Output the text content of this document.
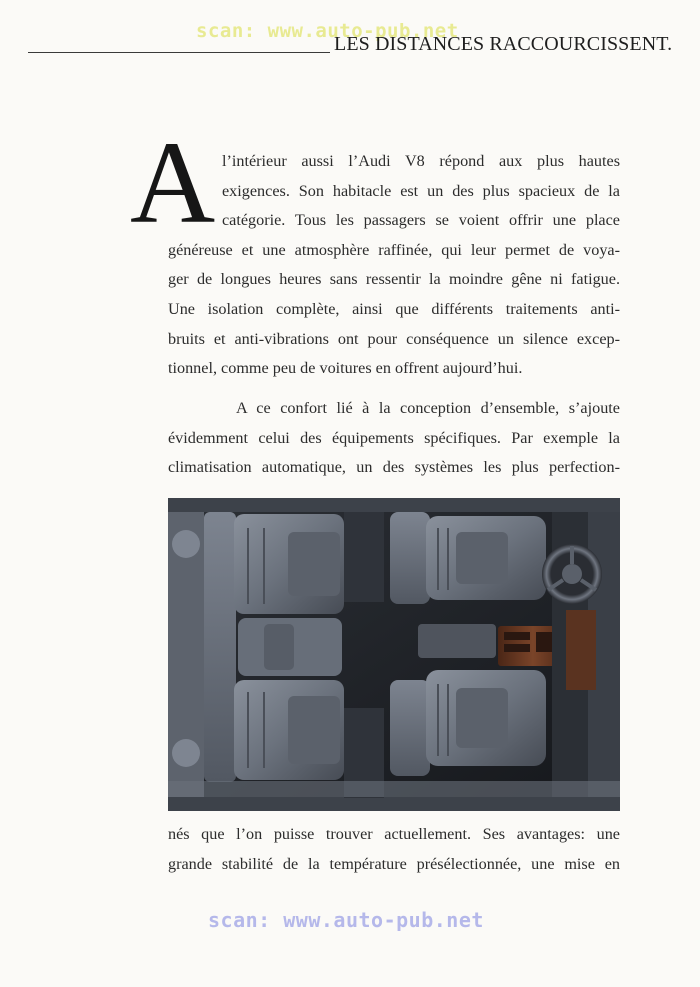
scan: www.auto-pub.net
LES DISTANCES RACCOURCISSENT.
A l’intérieur aussi l’Audi V8 répond aux plus hautes
exigences. Son habitacle est un des plus spacieux de la
catégorie. Tous les passagers se voient offrir une place
généreuse et une atmosphère raffinée, qui leur permet de voya-
ger de longues heures sans ressentir la moindre gêne ni fatigue.
Une isolation complète, ainsi que différents traitements anti-
bruits et anti-vibrations ont pour conséquence un silence excep-
tionnel, comme peu de voitures en offrent aujourd’hui.
A ce confort lié à la conception d’ensemble, s’ajoute
évidemment celui des équipements spécifiques. Par exemple la
climatisation automatique, un des systèmes les plus perfection-
nés que l’on puisse trouver actuellement. Ses avantages: une
grande stabilité de la température présélectionnée, une mise en
scan: www.auto-pub.net
